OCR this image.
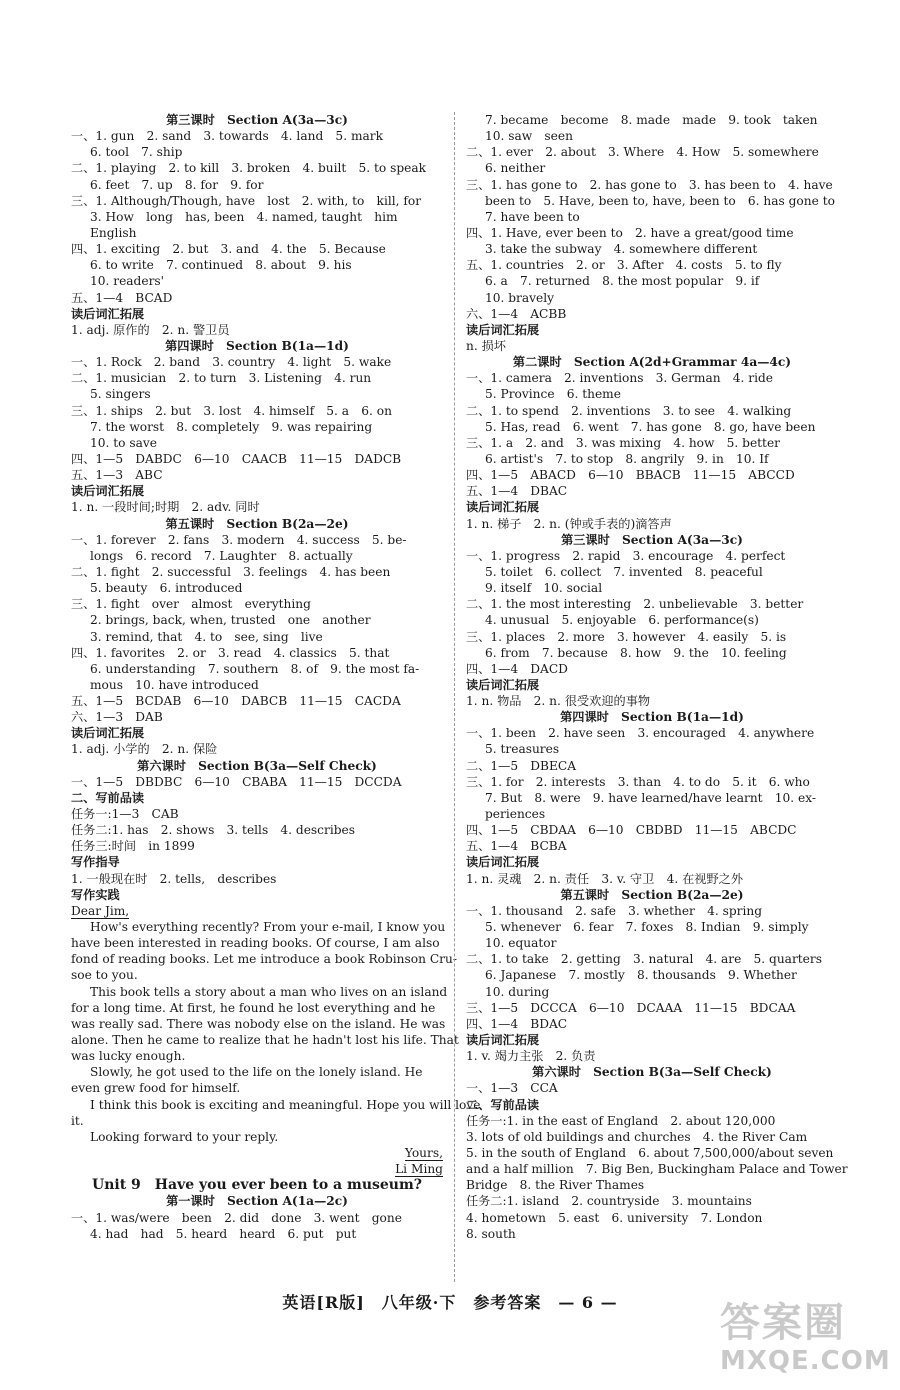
第三课时　Section A(3a—3c)
一、1. gun　2. sand　3. towards　4. land　5. mark
6. tool　7. ship
二、1. playing　2. to kill　3. broken　4. built　5. to speak
6. feet　7. up　8. for　9. for
三、1. Although/Though, have　lost　2. with, to　kill, for
3. How　long　has, been　4. named, taught　him
English
四、1. exciting　2. but　3. and　4. the　5. Because
6. to write　7. continued　8. about　9. his
10. readers'
五、1—4　BCAD
读后词汇拓展
1. adj. 原作的　2. n. 警卫员
第四课时　Section B(1a—1d)
一、1. Rock　2. band　3. country　4. light　5. wake
二、1. musician　2. to turn　3. Listening　4. run
5. singers
三、1. ships　2. but　3. lost　4. himself　5. a　6. on
7. the worst　8. completely　9. was repairing
10. to save
四、1—5　DABDC　6—10　CAACB　11—15　DADCB
五、1—3　ABC
读后词汇拓展
1. n. 一段时间;时期　2. adv. 同时
第五课时　Section B(2a—2e)
一、1. forever　2. fans　3. modern　4. success　5. be-
longs　6. record　7. Laughter　8. actually
二、1. fight　2. successful　3. feelings　4. has been
5. beauty　6. introduced
三、1. fight　over　almost　everything
2. brings, back, when, trusted　one　another
3. remind, that　4. to　see, sing　live
四、1. favorites　2. or　3. read　4. classics　5. that
6. understanding　7. southern　8. of　9. the most fa-
mous　10. have introduced
五、1—5　BCDAB　6—10　DABCB　11—15　CACDA
六、1—3　DAB
读后词汇拓展
1. adj. 小学的　2. n. 保险
第六课时　Section B(3a—Self Check)
一、1—5　DBDBC　6—10　CBABA　11—15　DCCDA
二、写前品读
任务一:1—3　CAB
任务二:1. has　2. shows　3. tells　4. describes
任务三:时间　in 1899
写作指导
1. 一般现在时　2. tells,　describes
写作实践
Dear Jim,
How's everything recently? From your e-mail, I know you
have been interested in reading books. Of course, I am also
fond of reading books. Let me introduce a book Robinson Cru-
soe to you.
This book tells a story about a man who lives on an island
for a long time. At first, he found he lost everything and he
was really sad. There was nobody else on the island. He was
alone. Then he came to realize that he hadn't lost his life. That
was lucky enough.
Slowly, he got used to the life on the lonely island. He
even grew food for himself.
I think this book is exciting and meaningful. Hope you will love
it.
Looking forward to your reply.
Yours,
Li Ming
Unit 9　Have you ever been to a museum?
第一课时　Section A(1a—2c)
一、1. was/were　been　2. did　done　3. went　gone
4. had　had　5. heard　heard　6. put　put
7. became　become　8. made　made　9. took　taken
10. saw　seen
二、1. ever　2. about　3. Where　4. How　5. somewhere
6. neither
三、1. has gone to　2. has gone to　3. has been to　4. have
been to　5. Have, been to, have, been to　6. has gone to
7. have been to
四、1. Have, ever been to　2. have a great/good time
3. take the subway　4. somewhere different
五、1. countries　2. or　3. After　4. costs　5. to fly
6. a　7. returned　8. the most popular　9. if
10. bravely
六、1—4　ACBB
读后词汇拓展
n. 损坏
第二课时　Section A(2d+Grammar 4a—4c)
一、1. camera　2. inventions　3. German　4. ride
5. Province　6. theme
二、1. to spend　2. inventions　3. to see　4. walking
5. Has, read　6. went　7. has gone　8. go, have been
三、1. a　2. and　3. was mixing　4. how　5. better
6. artist's　7. to stop　8. angrily　9. in　10. If
四、1—5　ABACD　6—10　BBACB　11—15　ABCCD
五、1—4　DBAC
读后词汇拓展
1. n. 梯子　2. n. (钟或手表的)滴答声
第三课时　Section A(3a—3c)
一、1. progress　2. rapid　3. encourage　4. perfect
5. toilet　6. collect　7. invented　8. peaceful
9. itself　10. social
二、1. the most interesting　2. unbelievable　3. better
4. unusual　5. enjoyable　6. performance(s)
三、1. places　2. more　3. however　4. easily　5. is
6. from　7. because　8. how　9. the　10. feeling
四、1—4　DACD
读后词汇拓展
1. n. 物品　2. n. 很受欢迎的事物
第四课时　Section B(1a—1d)
一、1. been　2. have seen　3. encouraged　4. anywhere
5. treasures
二、1—5　DBECA
三、1. for　2. interests　3. than　4. to do　5. it　6. who
7. But　8. were　9. have learned/have learnt　10. ex-
periences
四、1—5　CBDAA　6—10　CBDBD　11—15　ABCDC
五、1—4　BCBA
读后词汇拓展
1. n. 灵魂　2. n. 责任　3. v. 守卫　4. 在视野之外
第五课时　Section B(2a—2e)
一、1. thousand　2. safe　3. whether　4. spring
5. whenever　6. fear　7. foxes　8. Indian　9. simply
10. equator
二、1. to take　2. getting　3. natural　4. are　5. quarters
6. Japanese　7. mostly　8. thousands　9. Whether
10. during
三、1—5　DCCCA　6—10　DCAAA　11—15　BDCAA
四、1—4　BDAC
读后词汇拓展
1. v. 竭力主张　2. 负责
第六课时　Section B(3a—Self Check)
一、1—3　CCA
二、写前品读
任务一:1. in the east of England　2. about 120,000
3. lots of old buildings and churches　4. the River Cam
5. in the south of England　6. about 7,500,000/about seven
and a half million　7. Big Ben, Buckingham Palace and Tower
Bridge　8. the River Thames
任务二:1. island　2. countryside　3. mountains
4. hometown　5. east　6. university　7. London
8. south
英语[R版]　八年级·下　参考答案　— 6 —	答案圈
MXQE.COM
